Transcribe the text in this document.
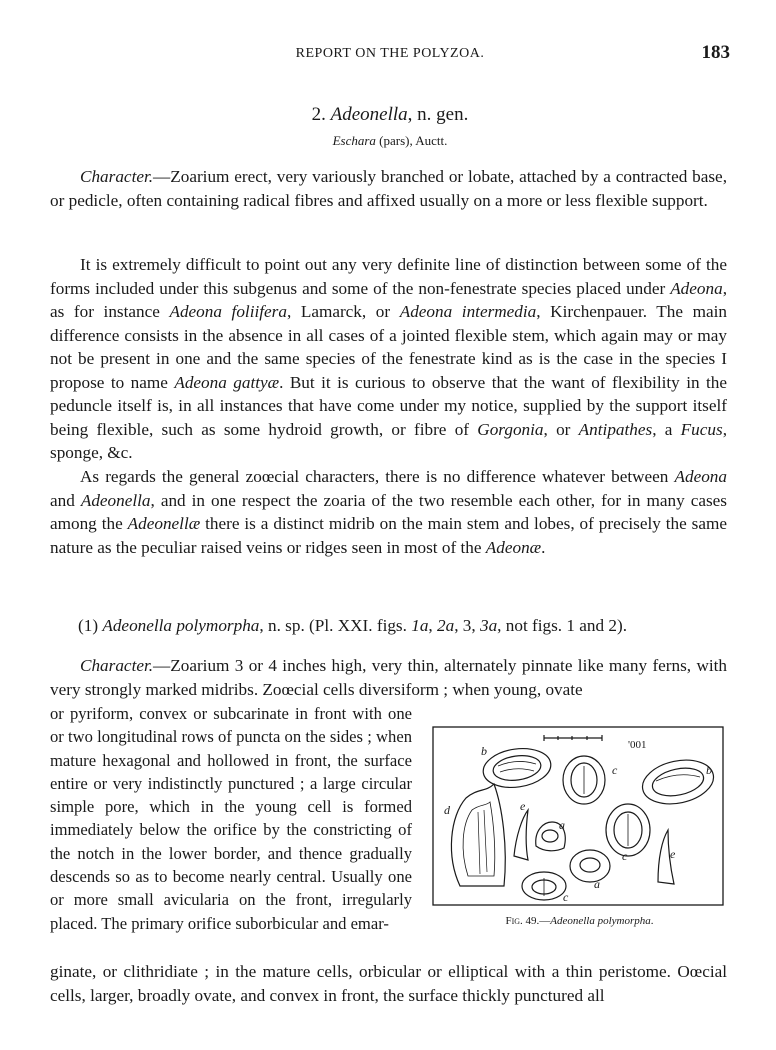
REPORT ON THE POLYZOA.	183
2. Adeonella, n. gen.
Eschara (pars), Auctt.

Character.—Zoarium erect, very variously branched or lobate, attached by a contracted base, or pedicle, often containing radical fibres and affixed usually on a more or less flexible support.

It is extremely difficult to point out any very definite line of distinction between some of the forms included under this subgenus and some of the non-fenestrate species placed under Adeona, as for instance Adeona foliifera, Lamarck, or Adeona intermedia, Kirchenpauer. The main difference consists in the absence in all cases of a jointed flexible stem, which again may or may not be present in one and the same species of the fenestrate kind as is the case in the species I propose to name Adeona gattyæ. But it is curious to observe that the want of flexibility in the peduncle itself is, in all instances that have come under my notice, supplied by the support itself being flexible, such as some hydroid growth, or fibre of Gorgonia, or Antipathes, a Fucus, sponge, &c.

As regards the general zoœcial characters, there is no difference whatever between Adeona and Adeonella, and in one respect the zoaria of the two resemble each other, for in many cases among the Adeonellæ there is a distinct midrib on the main stem and lobes, of precisely the same nature as the peculiar raised veins or ridges seen in most of the Adeonæ.

(1) Adeonella polymorpha, n. sp. (Pl. XXI. figs. 1a, 2a, 3, 3a, not figs. 1 and 2).

Character.—Zoarium 3 or 4 inches high, very thin, alternately pinnate like many ferns, with very strongly marked midribs. Zoœcial cells diversiform ; when young, ovate

or pyriform, convex or subcarinate in front with one or two longitudinal rows of puncta on the sides ; when mature hexagonal and hollowed in front, the surface entire or very indistinctly punctured ; a large circular simple pore, which in the young cell is formed immediately below the orifice by the constricting of the notch in the lower border, and thence gradually descends so as to become nearly central. Usually one or more small avicularia on the front, irregularly placed. The primary orifice suborbicular and emar-

ginate, or clithridiate ; in the mature cells, orbicular or elliptical with a thin peristome. Oœcial cells, larger, broadly ovate, and convex in front, the surface thickly punctured all

'001
b
b
c
d	e
a
c	e
a
c
Fig. 49.—Adeonella polymorpha.
